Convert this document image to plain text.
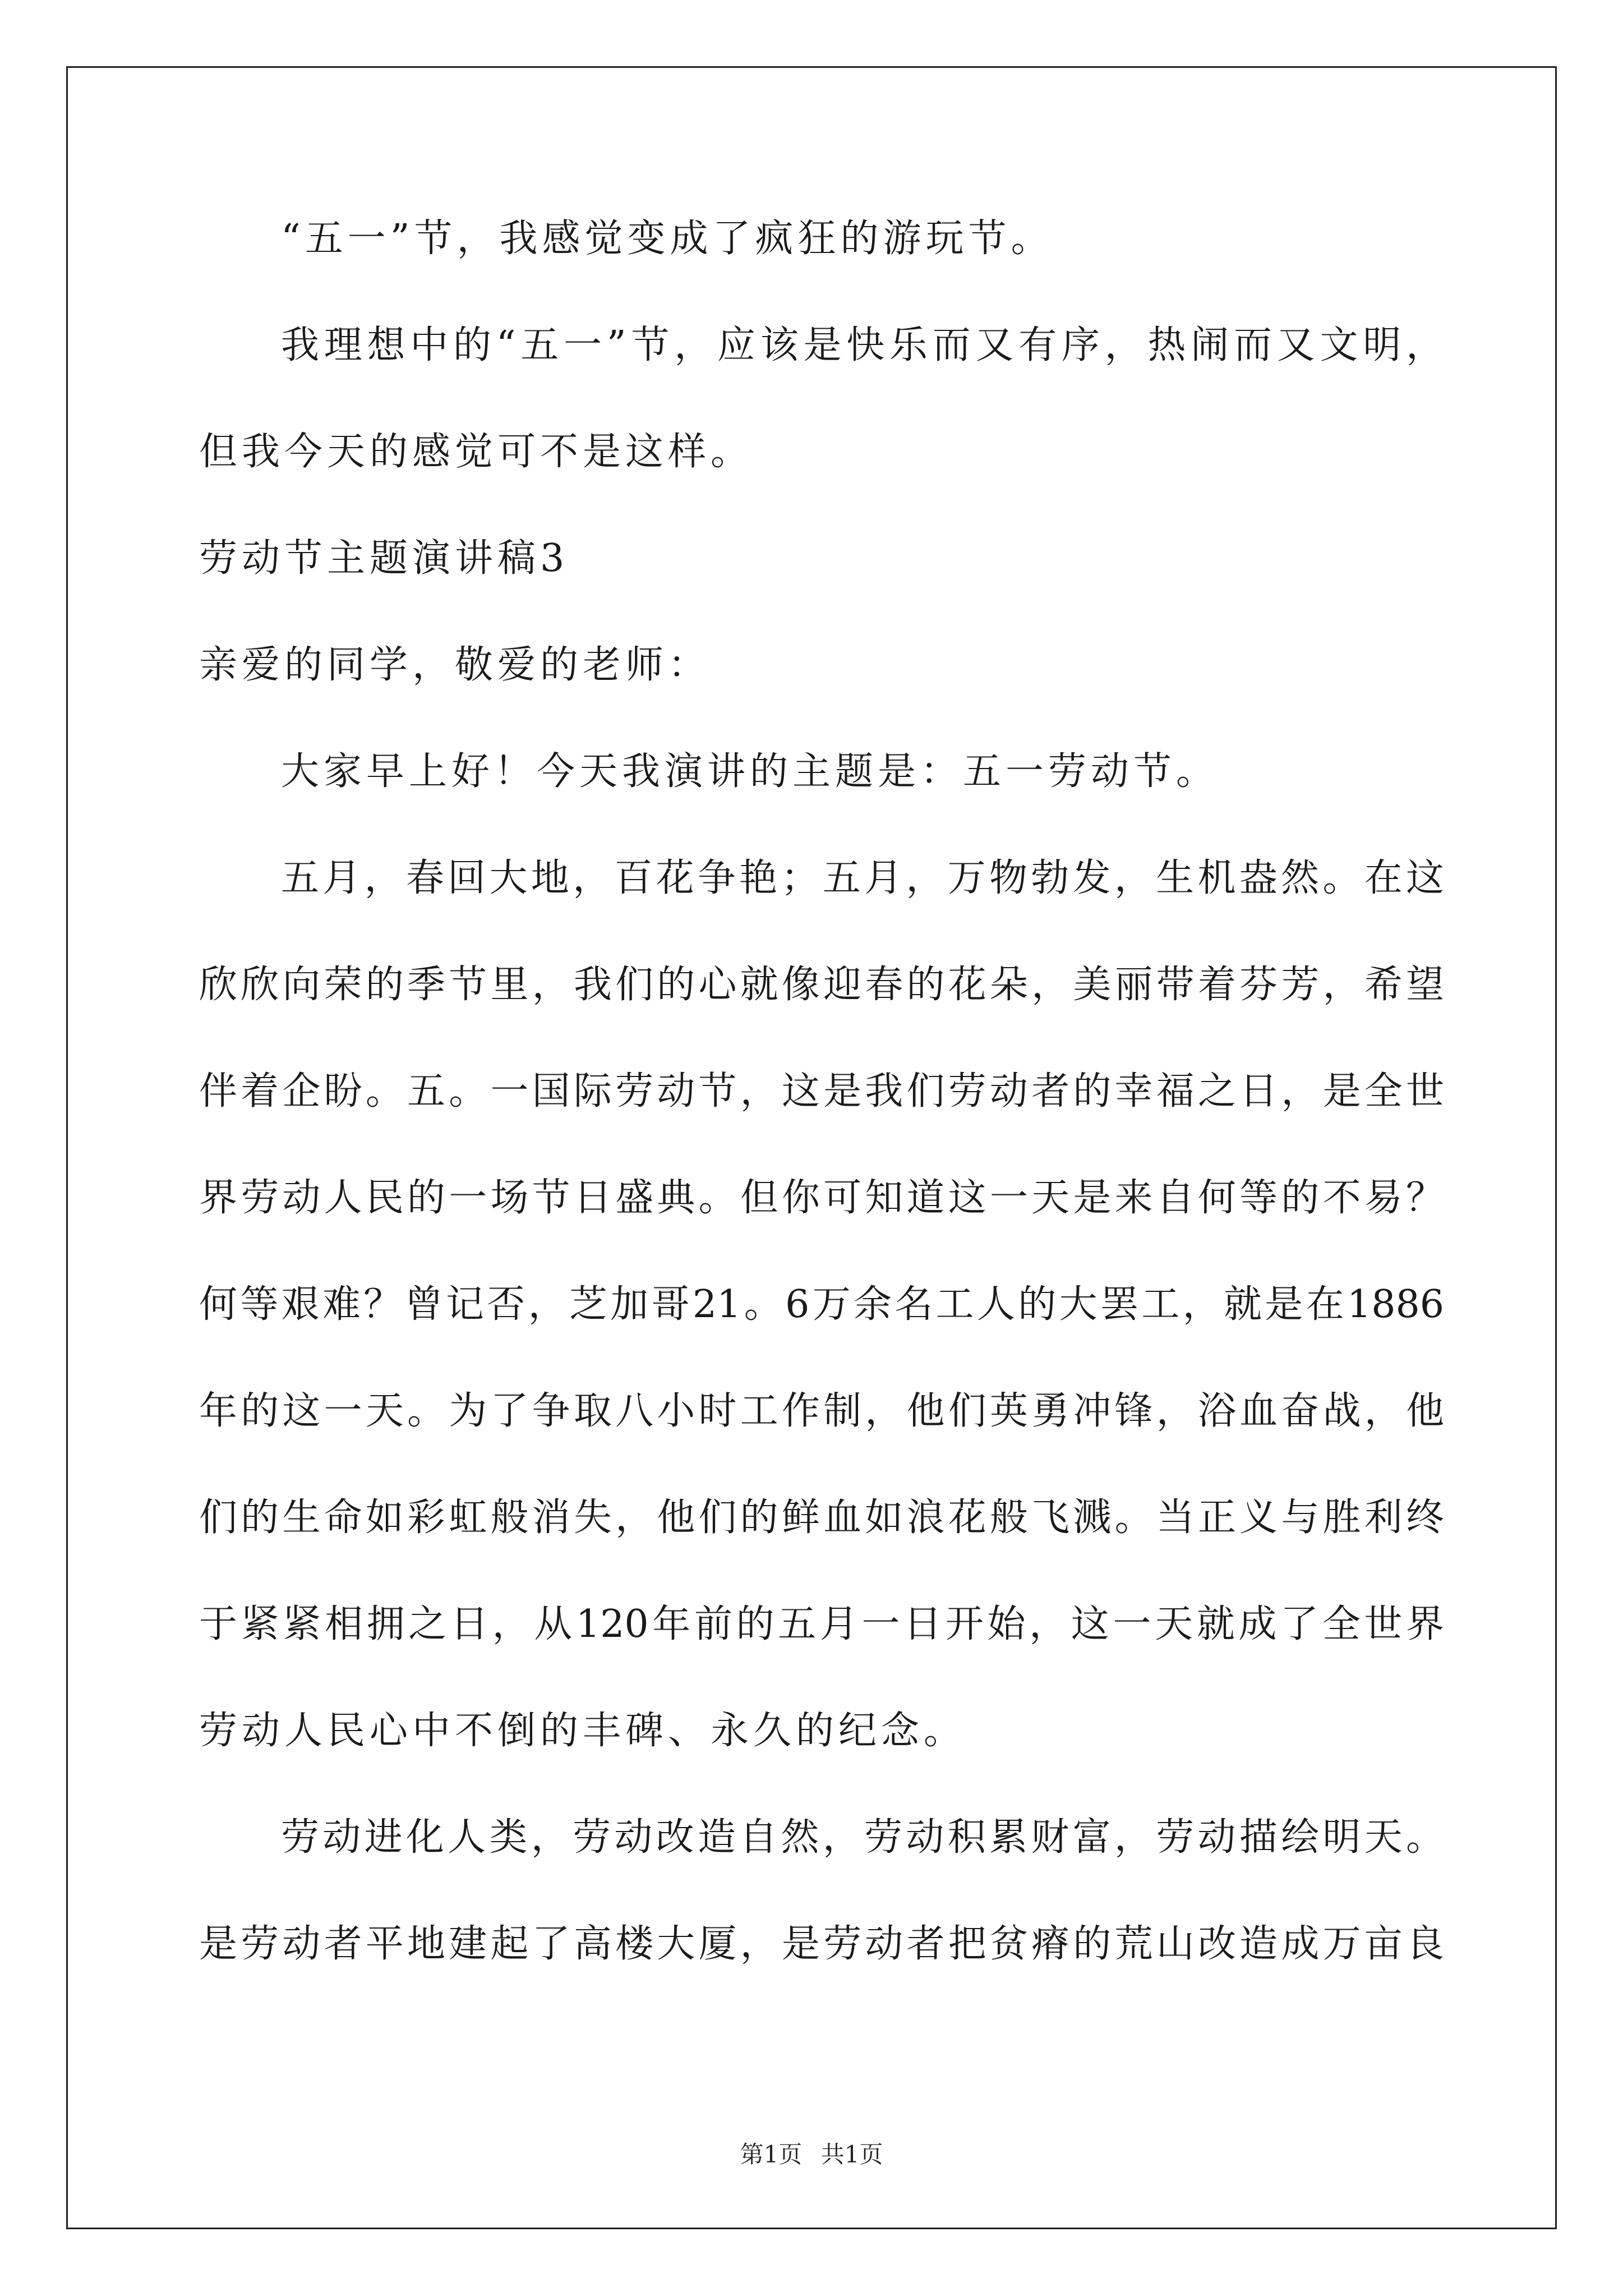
“五一”节，我感觉变成了疯狂的游玩节。
我理想中的“五一”节，应该是快乐而又有序，热闹而又文明，
但我今天的感觉可不是这样。
劳动节主题演讲稿3
亲爱的同学，敬爱的老师：
大家早上好！今天我演讲的主题是：五一劳动节。
五月，春回大地，百花争艳；五月，万物勃发，生机盎然。在这
欣欣向荣的季节里，我们的心就像迎春的花朵，美丽带着芬芳，希望
伴着企盼。五。一国际劳动节，这是我们劳动者的幸福之日，是全世
界劳动人民的一场节日盛典。但你可知道这一天是来自何等的不易？
何等艰难？曾记否，芝加哥21。6万余名工人的大罢工，就是在1886
年的这一天。为了争取八小时工作制，他们英勇冲锋，浴血奋战，他
们的生命如彩虹般消失，他们的鲜血如浪花般飞溅。当正义与胜利终
于紧紧相拥之日，从120年前的五月一日开始，这一天就成了全世界
劳动人民心中不倒的丰碑、永久的纪念。
劳动进化人类，劳动改造自然，劳动积累财富，劳动描绘明天。
是劳动者平地建起了高楼大厦，是劳动者把贫瘠的荒山改造成万亩良
第1页 共1页
